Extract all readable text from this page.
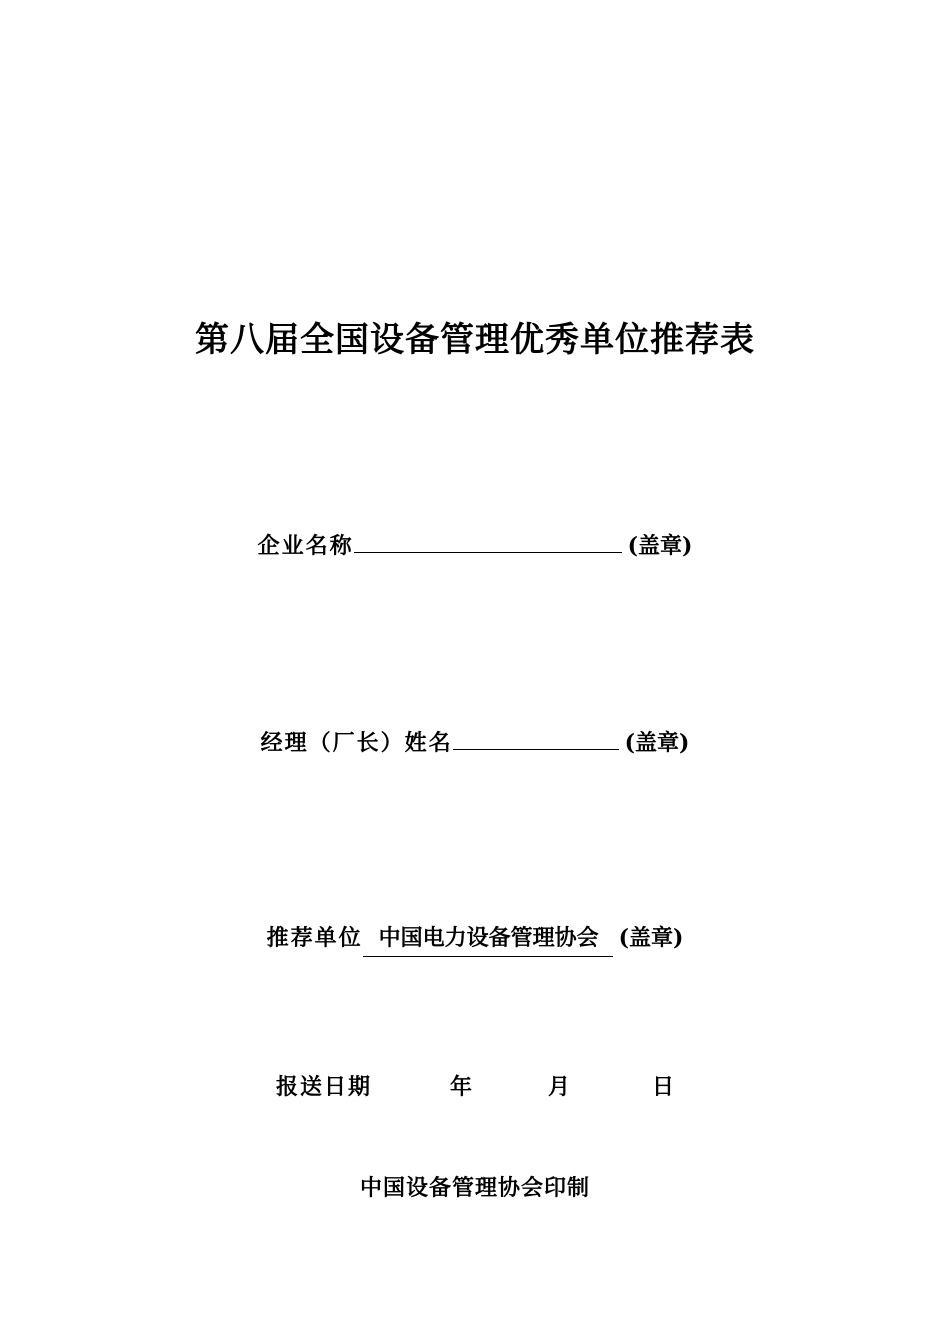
第八届全国设备管理优秀单位推荐表
企业名称	(盖章)
经理（厂长）姓名	(盖章)
推荐单位 中国电力设备管理协会 (盖章)
报送日期	年	月	日
中国设备管理协会印制
